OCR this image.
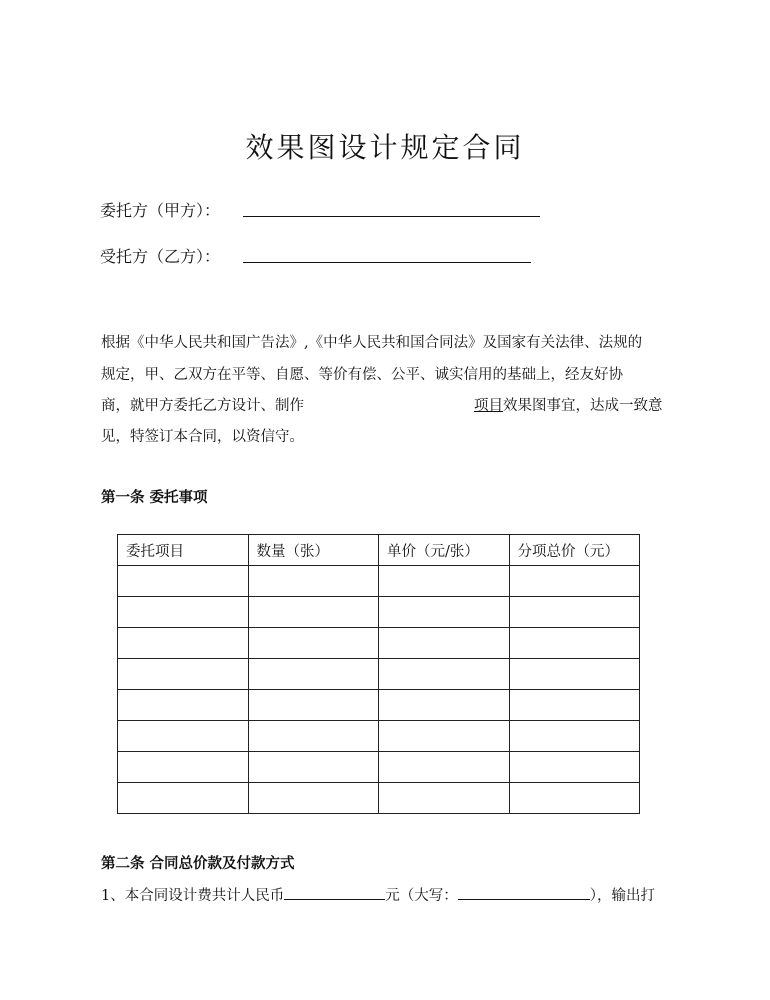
效果图设计规定合同
委托方（甲方）：
受托方（乙方）：
根据《中华人民共和国广告法》,《中华人民共和国合同法》及国家有关法律、法规的
规定，甲、乙双方在平等、自愿、等价有偿、公平、诚实信用的基础上，经友好协
商，就甲方委托乙方设计、制作	项目效果图事宜，达成一致意
见，特签订本合同，以资信守。
第一条 委托事项
委托项目	数量（张）	单价（元/张）	分项总价（元）

第二条 合同总价款及付款方式
1、本合同设计费共计人民币	元（大写：	），输出打
